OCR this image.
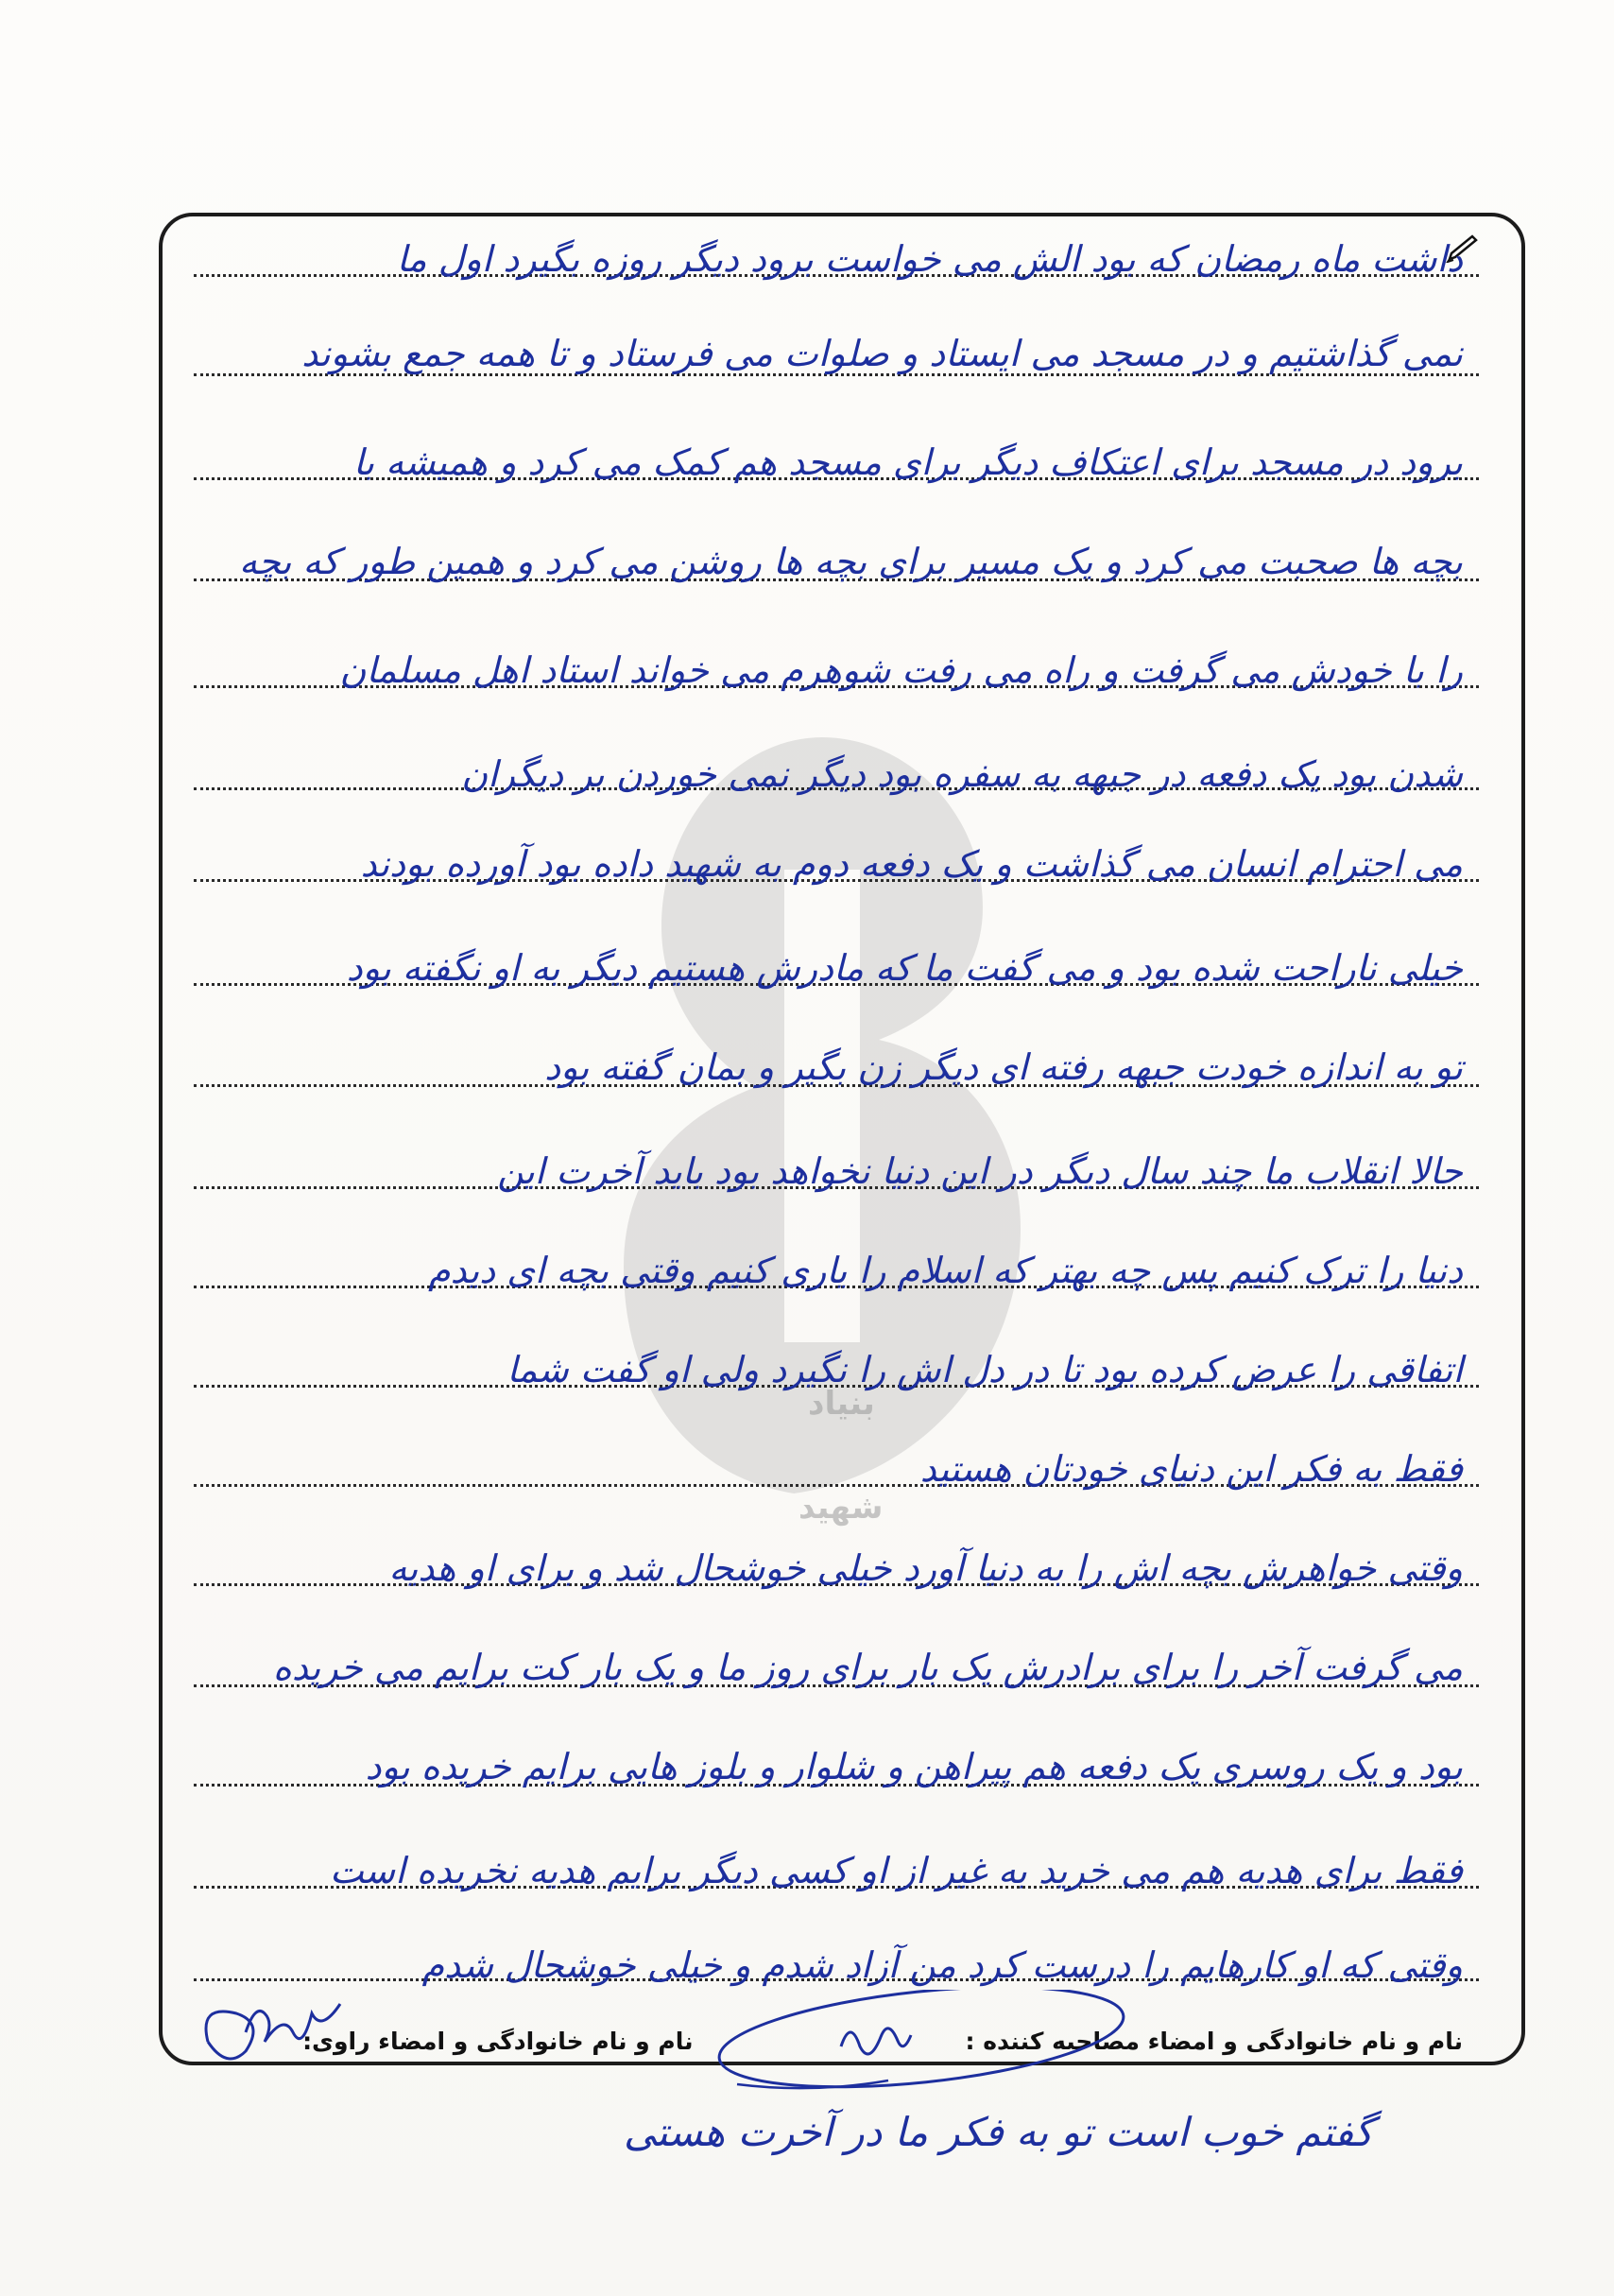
بنیاد
شهید
داشت ماه رمضان که بود الش می خواست برود دیگر روزه بگیرد اول ما
نمی گذاشتیم و در مسجد می ایستاد و صلوات می فرستاد و تا همه جمع بشوند
برود در مسجد برای اعتکاف دیگر برای مسجد هم کمک می کرد و همیشه با
بچه ها صحبت می کرد و یک مسیر برای بچه ها روشن می کرد و همین طور که بچه
را با خودش می گرفت و راه می رفت شوهرم می خواند استاد اهل مسلمان
شدن بود یک دفعه در جبهه به سفره بود دیگر نمی خوردن بر دیگران
می احترام انسان می گذاشت و یک دفعه دوم به شهید داده بود آورده بودند
خیلی ناراحت شده بود و می گفت ما که مادرش هستیم دیگر به او نگفته بود
تو به اندازه خودت جبهه رفته ای دیگر زن بگیر و بمان گفته بود
حالا انقلاب ما چند سال دیگر در این دنیا نخواهد بود باید آخرت این
دنیا را ترک کنیم پس چه بهتر که اسلام را یاری کنیم وقتی بچه ای دیدم
اتفاقی را عرض کرده بود تا در دل اش را نگیرد ولی او گفت شما
فقط به فکر این دنیای خودتان هستید
وقتی خواهرش بچه اش را به دنیا آورد خیلی خوشحال شد و برای او هدیه
می گرفت آخر را برای برادرش یک بار برای روز ما و یک بار کت برایم می خریده
بود و یک روسری یک دفعه هم پیراهن و شلوار و بلوز هایی برایم خریده بود
فقط برای هدیه هم می خرید به غیر از او کسی دیگر برایم هدیه نخریده است
وقتی که او کارهایم را درست کرد من آزاد شدم و خیلی خوشحال شدم
گفتم خوب است تو به فکر ما در آخرت هستی
نام و نام خانوادگی و امضاء مصاحبه کننده :
نام و نام خانوادگی و امضاء راوی:
